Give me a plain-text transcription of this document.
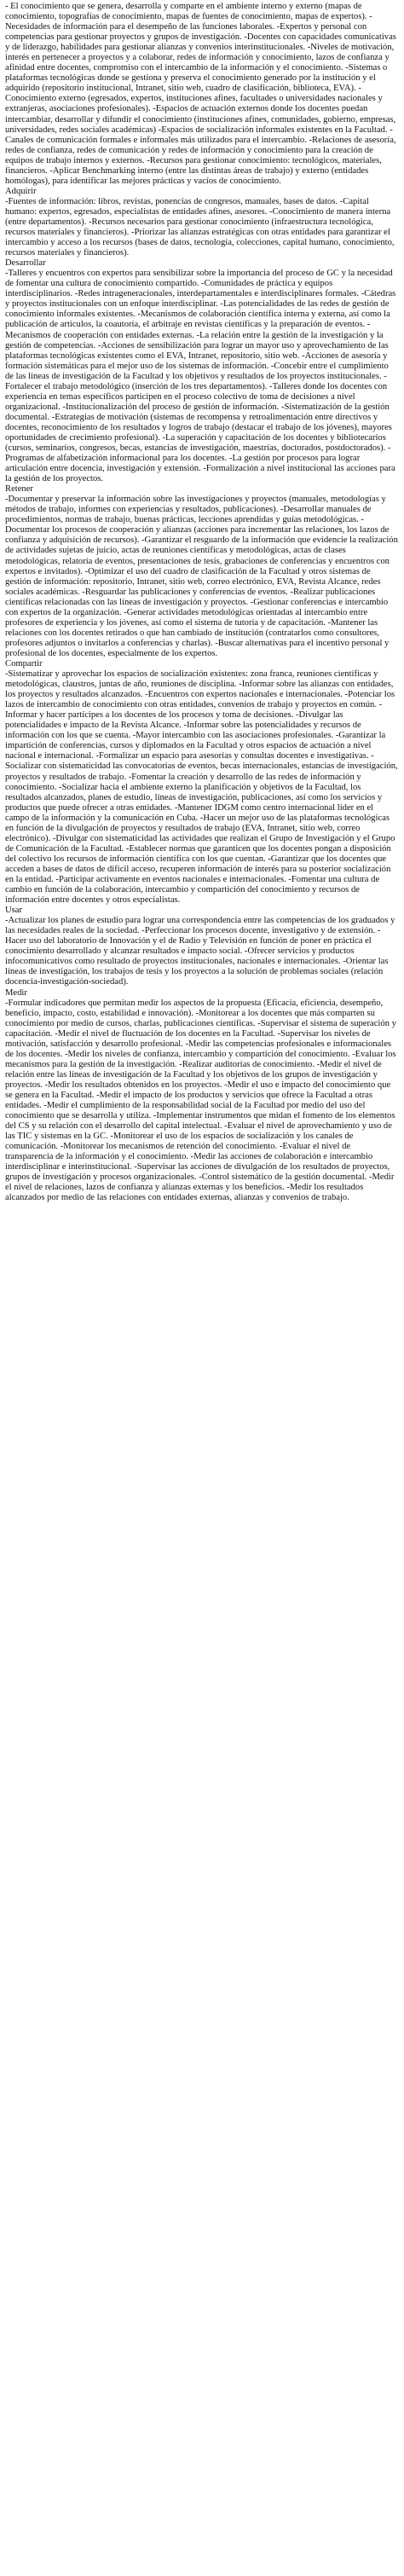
- El conocimiento que se genera, desarrolla y comparte en el ambiente interno y externo (mapas de conocimiento, topografías de conocimiento, mapas de fuentes de conocimiento, mapas de expertos). -Necesidades de información para el desempeño de las funciones laborales. -Expertos y personal con competencias para gestionar proyectos y grupos de investigación. -Docentes con capacidades comunicativas y de liderazgo, habilidades para gestionar alianzas y convenios interinstitucionales. -Niveles de motivación, interés en pertenecer a proyectos y a colaborar, redes de información y conocimiento, lazos de confianza y afinidad entre docentes, compromiso con el intercambio de la información y el conocimiento. -Sistemas o plataformas tecnológicas donde se gestiona y preserva el conocimiento generado por la institución y el adquirido (repositorio institucional, Intranet, sitio web, cuadro de clasificación, biblioteca, EVA). -Conocimiento externo (egresados, expertos, instituciones afines, facultades o universidades nacionales y extranjeras, asociaciones profesionales). -Espacios de actuación externos donde los docentes puedan intercambiar, desarrollar y difundir el conocimiento (instituciones afines, comunidades, gobierno, empresas, universidades, redes sociales académicas) -Espacios de socialización informales existentes en la Facultad. -Canales de comunicación formales e informales más utilizados para el intercambio. -Relaciones de asesoría, redes de confianza, redes de comunicación y redes de información y conocimiento para la creación de equipos de trabajo internos y externos. -Recursos para gestionar conocimiento: tecnológicos, materiales, financieros. -Aplicar Benchmarking interno (entre las distintas áreas de trabajo) y externo (entidades homólogas), para identificar las mejores prácticas y vacíos de conocimiento.
Adquirir
-Fuentes de información: libros, revistas, ponencias de congresos, manuales, bases de datos. -Capital humano: expertos, egresados, especialistas de entidades afines, asesores. -Conocimiento de manera interna (entre departamentos). -Recursos necesarios para gestionar conocimiento (infraestructura tecnológica, recursos materiales y financieros). -Priorizar las alianzas estratégicas con otras entidades para garantizar el intercambio y acceso a los recursos (bases de datos, tecnología, colecciones, capital humano, conocimiento, recursos materiales y financieros).
Desarrollar
-Talleres y encuentros con expertos para sensibilizar sobre la importancia del proceso de GC y la necesidad de fomentar una cultura de conocimiento compartido. -Comunidades de práctica y equipos interdisciplinarios. -Redes intrageneracionales, interdepartamentales e interdisciplinares formales. -Cátedras y proyectos institucionales con un enfoque interdisciplinar. -Las potencialidades de las redes de gestión de conocimiento informales existentes. -Mecanismos de colaboración científica interna y externa, así como la publicación de artículos, la coautoría, el arbitraje en revistas científicas y la preparación de eventos. -Mecanismos de cooperación con entidades externas. -La relación entre la gestión de la investigación y la gestión de competencias. -Acciones de sensibilización para lograr un mayor uso y aprovechamiento de las plataformas tecnológicas existentes como el EVA, Intranet, repositorio, sitio web. -Acciones de asesoría y formación sistemáticas para el mejor uso de los sistemas de información. -Concebir entre el cumplimiento de las líneas de investigación de la Facultad y los objetivos y resultados de los proyectos institucionales. -Fortalecer el trabajo metodológico (inserción de los tres departamentos). -Talleres donde los docentes con experiencia en temas específicos participen en el proceso colectivo de toma de decisiones a nivel organizacional. -Institucionalización del proceso de gestión de información. -Sistematización de la gestión documental. -Estrategias de motivación (sistemas de recompensa y retroalimentación entre directivos y docentes, reconocimiento de los resultados y logros de trabajo (destacar el trabajo de los jóvenes), mayores oportunidades de crecimiento profesional). -La superación y capacitación de los docentes y bibliotecarios (cursos, seminarios, congresos, becas, estancias de investigación, maestrías, doctorados, postdoctorados). -Programas de alfabetización informacional para los docentes. -La gestión por procesos para lograr articulación entre docencia, investigación y extensión. -Formalización a nivel institucional las acciones para la gestión de los proyectos.
Retener
-Documentar y preservar la información sobre las investigaciones y proyectos (manuales, metodologías y métodos de trabajo, informes con experiencias y resultados, publicaciones). -Desarrollar manuales de procedimientos, normas de trabajo, buenas prácticas, lecciones aprendidas y guías metodológicas. -Documentar los procesos de cooperación y alianzas (acciones para incrementar las relaciones, los lazos de confianza y adquisición de recursos). -Garantizar el resguardo de la información que evidencie la realización de actividades sujetas de juicio, actas de reuniones científicas y metodológicas, actas de clases metodológicas, relatoría de eventos, presentaciones de tesis, grabaciones de conferencias y encuentros con expertos e invitados). -Optimizar el uso del cuadro de clasificación de la Facultad y otros sistemas de gestión de información: repositorio, Intranet, sitio web, correo electrónico, EVA, Revista Alcance, redes sociales académicas. -Resguardar las publicaciones y conferencias de eventos. -Realizar publicaciones científicas relacionadas con las líneas de investigación y proyectos. -Gestionar conferencias e intercambio con expertos de la organización. -Generar actividades metodológicas orientadas al intercambio entre profesores de experiencia y los jóvenes, así como el sistema de tutoría y de capacitación. -Mantener las relaciones con los docentes retirados o que han cambiado de institución (contratarlos como consultores, profesores adjuntos o invitarlos a conferencias y charlas). -Buscar alternativas para el incentivo personal y profesional de los docentes, especialmente de los expertos.
Compartir
-Sistematizar y aprovechar los espacios de socialización existentes: zona franca, reuniones científicas y metodológicas, claustros, juntas de año, reuniones de disciplina. -Informar sobre las alianzas con entidades, los proyectos y resultados alcanzados. -Encuentros con expertos nacionales e internacionales. -Potenciar los lazos de intercambio de conocimiento con otras entidades, convenios de trabajo y proyectos en común. -Informar y hacer partícipes a los docentes de los procesos y toma de decisiones. -Divulgar las potencialidades e impacto de la Revista Alcance. -Informar sobre las potencialidades y recursos de información con los que se cuenta. -Mayor intercambio con las asociaciones profesionales. -Garantizar la impartición de conferencias, cursos y diplomados en la Facultad y otros espacios de actuación a nivel nacional e internacional. -Formalizar un espacio para asesorías y consultas docentes e investigativas. -Socializar con sistematicidad las convocatorias de eventos, becas internacionales, estancias de investigación, proyectos y resultados de trabajo. -Fomentar la creación y desarrollo de las redes de información y conocimiento. -Socializar hacia el ambiente externo la planificación y objetivos de la Facultad, los resultados alcanzados, planes de estudio, líneas de investigación, publicaciones, así como los servicios y productos que puede ofrecer a otras entidades. -Mantener IDGM como centro internacional líder en el campo de la información y la comunicación en Cuba. -Hacer un mejor uso de las plataformas tecnológicas en función de la divulgación de proyectos y resultados de trabajo (EVA, Intranet, sitio web, correo electrónico). -Divulgar con sistematicidad las actividades que realizan el Grupo de Investigación y el Grupo de Comunicación de la Facultad. -Establecer normas que garanticen que los docentes pongan a disposición del colectivo los recursos de información científica con los que cuentan. -Garantizar que los docentes que acceden a bases de datos de difícil acceso, recuperen información de interés para su posterior socialización en la entidad. -Participar activamente en eventos nacionales e internacionales. -Fomentar una cultura de cambio en función de la colaboración, intercambio y compartición del conocimiento y recursos de información entre docentes y otros especialistas.
Usar
-Actualizar los planes de estudio para lograr una correspondencia entre las competencias de los graduados y las necesidades reales de la sociedad. -Perfeccionar los procesos docente, investigativo y de extensión. -Hacer uso del laboratorio de Innovación y el de Radio y Televisión en función de poner en práctica el conocimiento desarrollado y alcanzar resultados e impacto social. -Ofrecer servicios y productos infocomunicativos como resultado de proyectos institucionales, nacionales e internacionales. -Orientar las líneas de investigación, los trabajos de tesis y los proyectos a la solución de problemas sociales (relación docencia-investigación-sociedad).
Medir
-Formular indicadores que permitan medir los aspectos de la propuesta (Eficacia, eficiencia, desempeño, beneficio, impacto, costo, estabilidad e innovación). -Monitorear a los docentes que más comparten su conocimiento por medio de cursos, charlas, publicaciones científicas. -Supervisar el sistema de superación y capacitación. -Medir el nivel de fluctuación de los docentes en la Facultad. -Supervisar los niveles de motivación, satisfacción y desarrollo profesional. -Medir las competencias profesionales e informacionales de los docentes. -Medir los niveles de confianza, intercambio y compartición del conocimiento. -Evaluar los mecanismos para la gestión de la investigación. -Realizar auditorías de conocimiento. -Medir el nivel de relación entre las líneas de investigación de la Facultad y los objetivos de los grupos de investigación y proyectos. -Medir los resultados obtenidos en los proyectos. -Medir el uso e impacto del conocimiento que se genera en la Facultad. -Medir el impacto de los productos y servicios que ofrece la Facultad a otras entidades. -Medir el cumplimiento de la responsabilidad social de la Facultad por medio del uso del conocimiento que se desarrolla y utiliza. -Implementar instrumentos que midan el fomento de los elementos del CS y su relación con el desarrollo del capital intelectual. -Evaluar el nivel de aprovechamiento y uso de las TIC y sistemas en la GC. -Monitorear el uso de los espacios de socialización y los canales de comunicación. -Monitorear los mecanismos de retención del conocimiento. -Evaluar el nivel de transparencia de la información y el conocimiento. -Medir las acciones de colaboración e intercambio interdisciplinar e interinstitucional. -Supervisar las acciones de divulgación de los resultados de proyectos, grupos de investigación y procesos organizacionales. -Control sistemático de la gestión documental. -Medir el nivel de relaciones, lazos de confianza y alianzas externas y los beneficios. -Medir los resultados alcanzados por medio de las relaciones con entidades externas, alianzas y convenios de trabajo.
